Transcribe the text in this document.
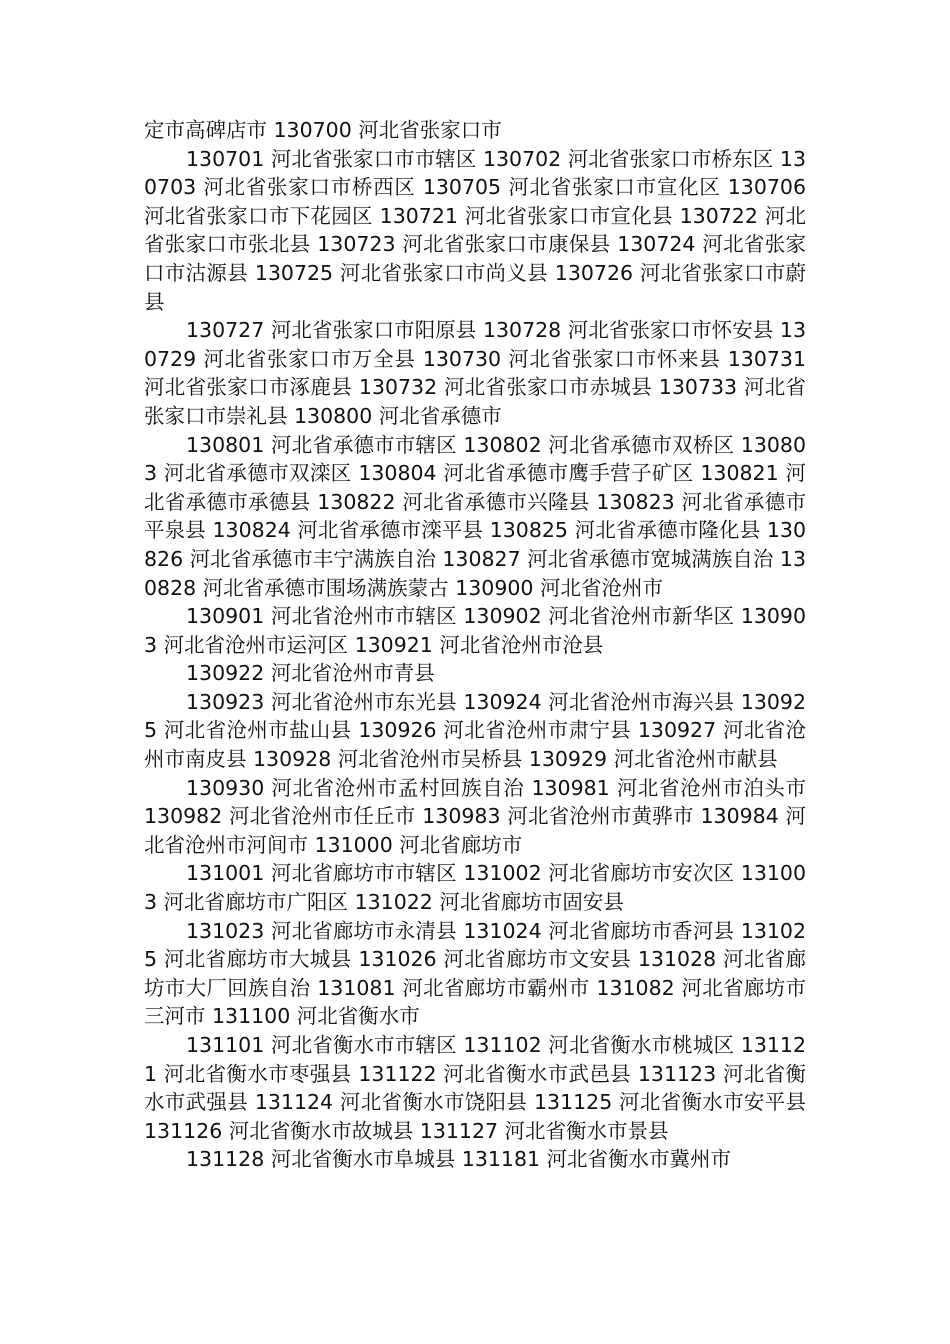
定市高碑店市 130700 河北省张家口市

130701 河北省张家口市市辖区 130702 河北省张家口市桥东区 130703 河北省张家口市桥西区 130705 河北省张家口市宣化区 130706 河北省张家口市下花园区 130721 河北省张家口市宣化县 130722 河北省张家口市张北县 130723 河北省张家口市康保县 130724 河北省张家口市沽源县 130725 河北省张家口市尚义县 130726 河北省张家口市蔚县

130727 河北省张家口市阳原县 130728 河北省张家口市怀安县 130729 河北省张家口市万全县 130730 河北省张家口市怀来县 130731 河北省张家口市涿鹿县 130732 河北省张家口市赤城县 130733 河北省张家口市崇礼县 130800 河北省承德市

130801 河北省承德市市辖区 130802 河北省承德市双桥区 130803 河北省承德市双滦区 130804 河北省承德市鹰手营子矿区 130821 河北省承德市承德县 130822 河北省承德市兴隆县 130823 河北省承德市平泉县 130824 河北省承德市滦平县 130825 河北省承德市隆化县 130826 河北省承德市丰宁满族自治 130827 河北省承德市宽城满族自治 130828 河北省承德市围场满族蒙古 130900 河北省沧州市

130901 河北省沧州市市辖区 130902 河北省沧州市新华区 130903 河北省沧州市运河区 130921 河北省沧州市沧县

130922 河北省沧州市青县

130923 河北省沧州市东光县 130924 河北省沧州市海兴县 130925 河北省沧州市盐山县 130926 河北省沧州市肃宁县 130927 河北省沧州市南皮县 130928 河北省沧州市吴桥县 130929 河北省沧州市献县

130930 河北省沧州市孟村回族自治 130981 河北省沧州市泊头市 130982 河北省沧州市任丘市 130983 河北省沧州市黄骅市 130984 河北省沧州市河间市 131000 河北省廊坊市

131001 河北省廊坊市市辖区 131002 河北省廊坊市安次区 131003 河北省廊坊市广阳区 131022 河北省廊坊市固安县

131023 河北省廊坊市永清县 131024 河北省廊坊市香河县 131025 河北省廊坊市大城县 131026 河北省廊坊市文安县 131028 河北省廊坊市大厂回族自治 131081 河北省廊坊市霸州市 131082 河北省廊坊市三河市 131100 河北省衡水市

131101 河北省衡水市市辖区 131102 河北省衡水市桃城区 131121 河北省衡水市枣强县 131122 河北省衡水市武邑县 131123 河北省衡水市武强县 131124 河北省衡水市饶阳县 131125 河北省衡水市安平县 131126 河北省衡水市故城县 131127 河北省衡水市景县

131128 河北省衡水市阜城县 131181 河北省衡水市冀州市
